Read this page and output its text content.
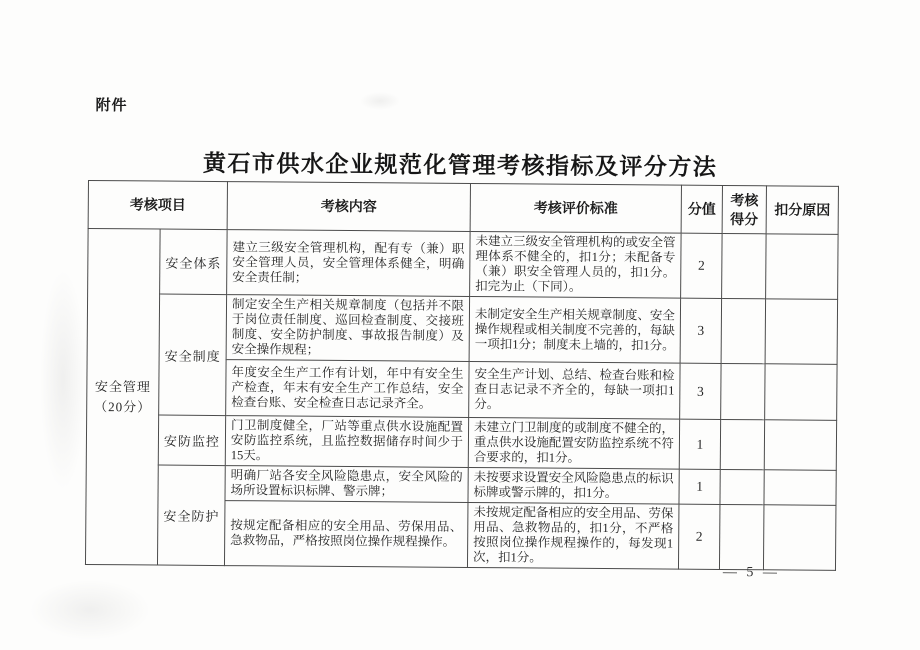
附件
黄石市供水企业规范化管理考核指标及评分方法
考核项目		考核内容	考核评价标准	分值	考核得分	扣分原因

安全管理
（20分）	安全体系	建立三级安全管理机构，配有专（兼）职安全管理人员，安全管理体系健全，明确安全责任制；	未建立三级安全管理机构的或安全管理体系不健全的，扣1分；未配备专（兼）职安全管理人员的，扣1分。扣完为止（下同）。	2		
	安全制度	制定安全生产相关规章制度（包括并不限于岗位责任制度、巡回检查制度、交接班制度、安全防护制度、事故报告制度）及安全操作规程；	未制定安全生产相关规章制度、安全操作规程或相关制度不完善的，每缺一项扣1分；制度未上墙的，扣1分。	3		
		年度安全生产工作有计划，年中有安全生产检查，年末有安全生产工作总结，安全检查台账、安全检查日志记录齐全。	安全生产计划、总结、检查台账和检查日志记录不齐全的，每缺一项扣1分。	3		
	安防监控	门卫制度健全，厂站等重点供水设施配置安防监控系统，且监控数据储存时间少于15天。	未建立门卫制度的或制度不健全的，重点供水设施配置安防监控系统不符合要求的，扣1分。	1		
	安全防护	明确厂站各安全风险隐患点，安全风险的场所设置标识标牌、警示牌；	未按要求设置安全风险隐患点的标识标牌或警示牌的，扣1分。	1		
		按规定配备相应的安全用品、劳保用品、急救物品，严格按照岗位操作规程操作。	未按规定配备相应的安全用品、劳保用品、急救物品的，扣1分，不严格按照岗位操作规程操作的，每发现1次，扣1分。	2		
— 5 —
